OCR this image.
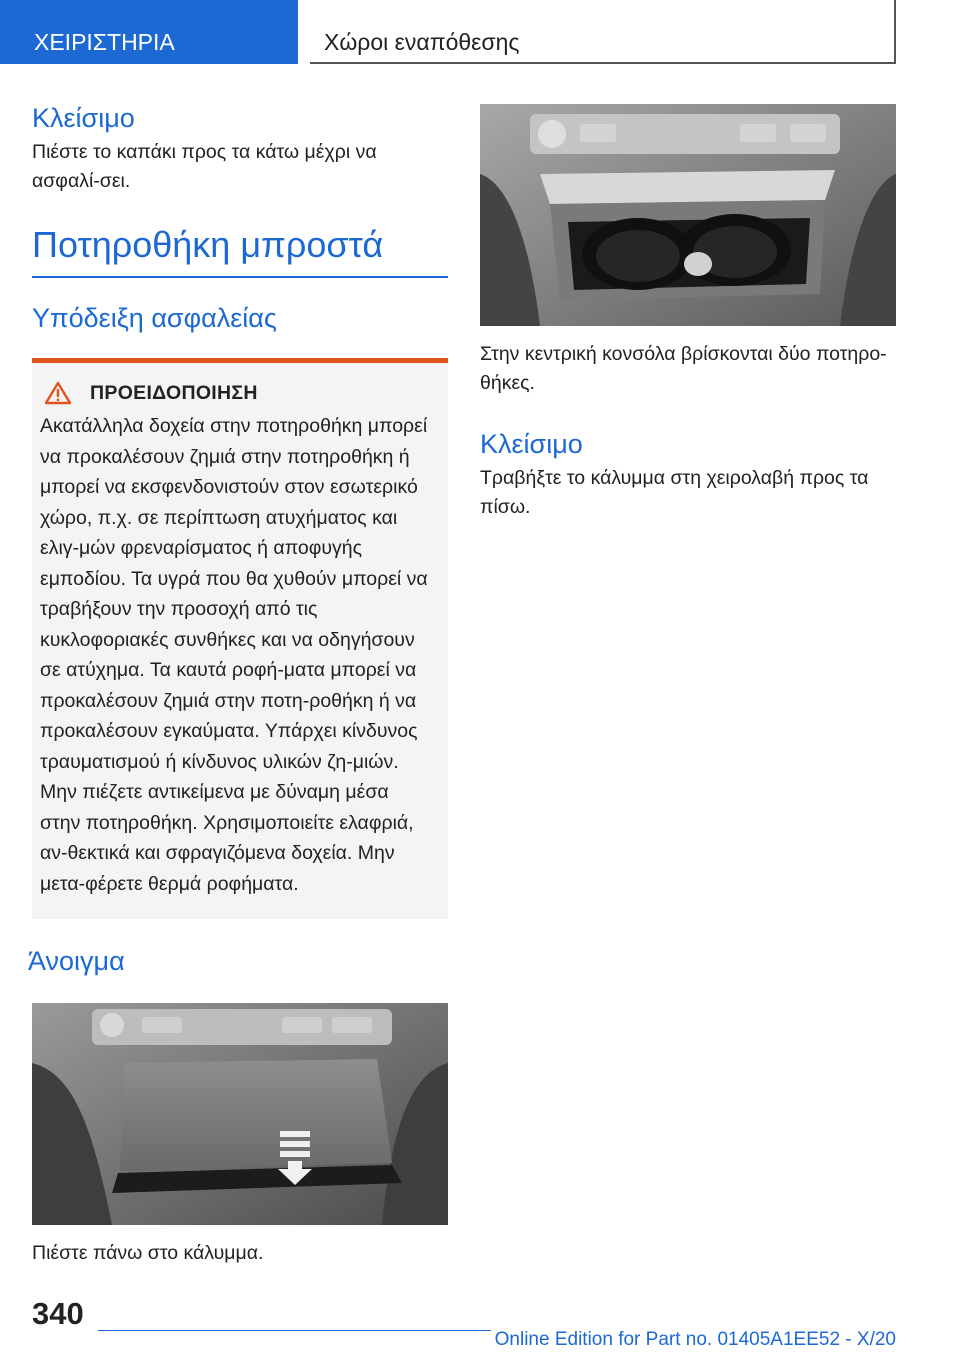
ΧΕΙΡΙΣΤΗΡΙΑ	Χώροι εναπόθεσης
Κλείσιμο

Πιέστε το καπάκι προς τα κάτω μέχρι να ασφαλί-σει.

Ποτηροθήκη μπροστά
Υπόδειξη ασφαλείας
ΠΡΟΕΙΔΟΠΟΙΗΣΗ

Ακατάλληλα δοχεία στην ποτηροθήκη μπορεί να προκαλέσουν ζημιά στην ποτηροθήκη ή μπορεί να εκσφενδονιστούν στον εσωτερικό χώρο, π.χ. σε περίπτωση ατυχήματος και ελιγ-μών φρεναρίσματος ή αποφυγής εμποδίου. Τα υγρά που θα χυθούν μπορεί να τραβήξουν την προσοχή από τις κυκλοφοριακές συνθήκες και να οδηγήσουν σε ατύχημα. Τα καυτά ροφή-ματα μπορεί να προκαλέσουν ζημιά στην ποτη-ροθήκη ή να προκαλέσουν εγκαύματα. Υπάρχει κίνδυνος τραυματισμού ή κίνδυνος υλικών ζη-μιών. Μην πιέζετε αντικείμενα με δύναμη μέσα στην ποτηροθήκη. Χρησιμοποιείτε ελαφριά, αν-θεκτικά και σφραγιζόμενα δοχεία. Μην μετα-φέρετε θερμά ροφήματα.

Άνοιγμα

Πιέστε πάνω στο κάλυμμα.

Στην κεντρική κονσόλα βρίσκονται δύο ποτηρο-θήκες.

Κλείσιμο

Τραβήξτε το κάλυμμα στη χειρολαβή προς τα πίσω.

340
Online Edition for Part no. 01405A1EE52 - X/20
